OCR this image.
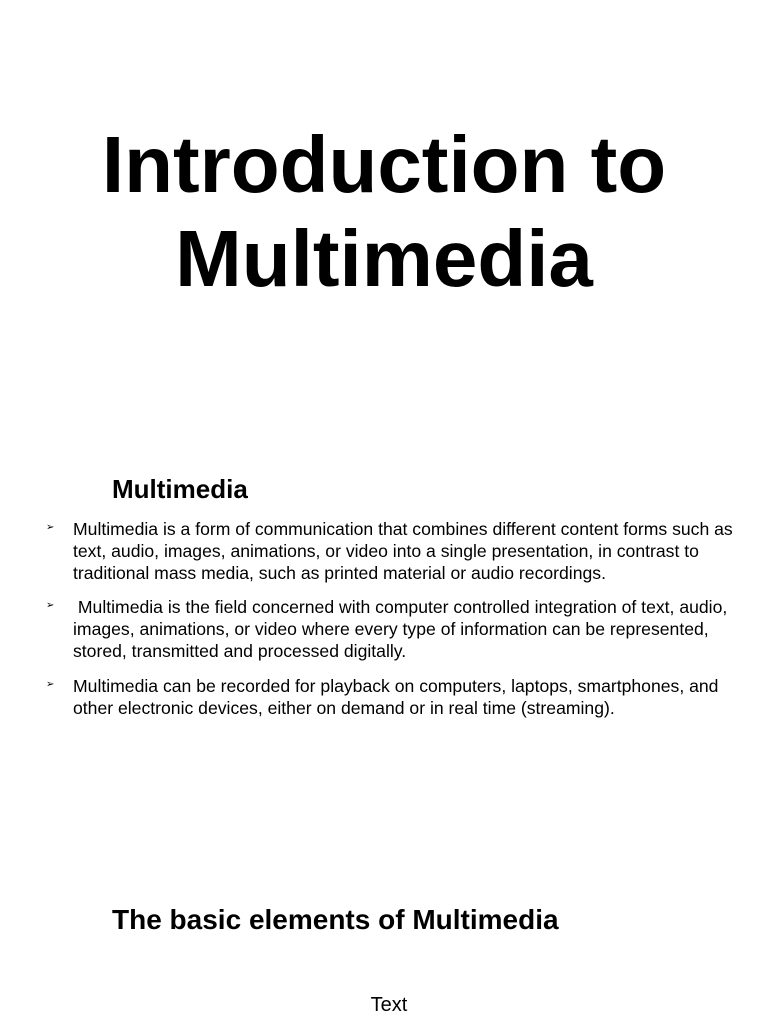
Introduction to
Multimedia
Multimedia
➢ Multimedia is a form of communication that combines different content forms such as text, audio, images, animations, or video into a single presentation, in contrast to traditional mass media, such as printed material or audio recordings.
➢ Multimedia is the field concerned with computer controlled integration of text, audio, images, animations, or video where every type of information can be represented, stored, transmitted and processed digitally.
➢ Multimedia can be recorded for playback on computers, laptops, smartphones, and other electronic devices, either on demand or in real time (streaming).
The basic elements of Multimedia
Text
